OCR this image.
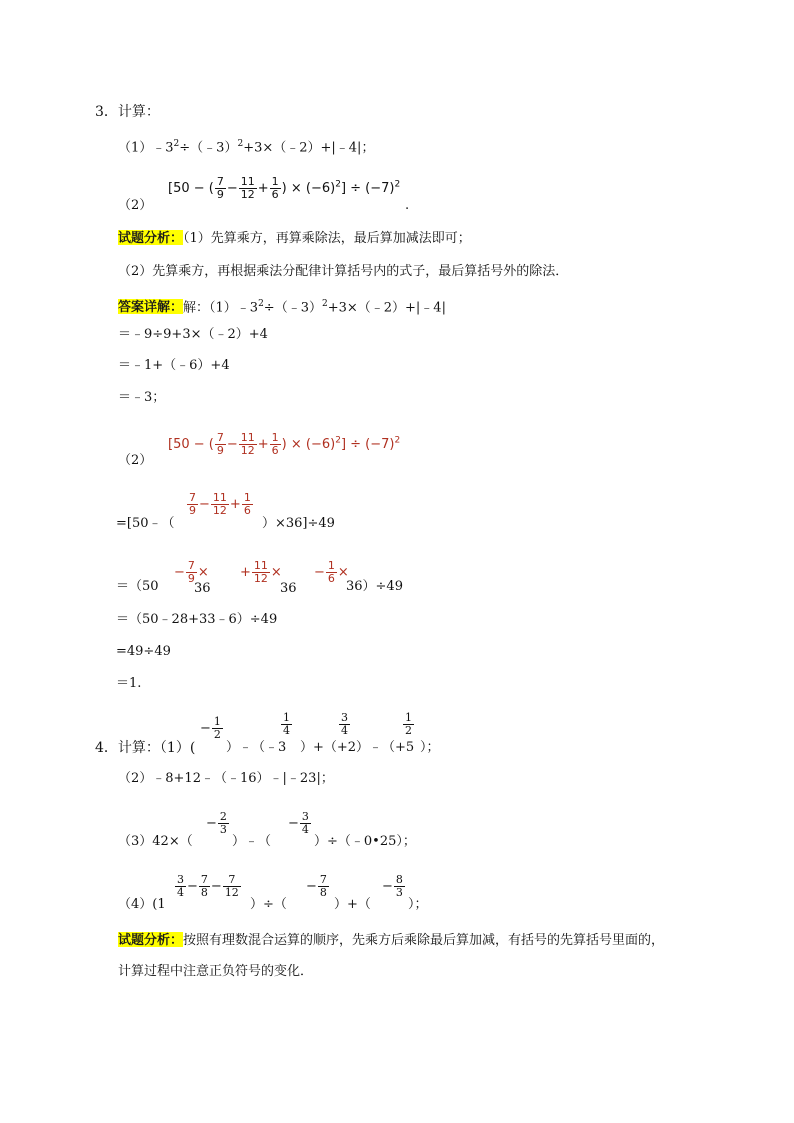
3．计算：
$(1)﹣3^2\div(﹣3)^2+3\times(﹣2)+|﹣4|$；
（2）
[50 − ( $\frac{7}{9} - \frac{11}{12} + \frac{1}{6}$ ) × $(-6)^2] \div (-7)^2$
.
试题分析：（1）先算乘方，再算乘除法，最后算加减法即可；
（2）先算乘方，再根据乘法分配律计算括号内的式子，最后算括号外的除法．
答案详解：解：$(1)﹣3^2\div(﹣3)^2+3\times(﹣2)+|﹣4|$
＝﹣9÷9+3×（﹣2）+4
＝﹣1+（﹣6）+4
＝﹣3；
（2）
[50 − ( $\frac{7}{9} - \frac{11}{12} + \frac{1}{6}$ ) × $(-6)^2] \div (-7)^2$
=[50﹣（
$\frac{7}{9} - \frac{11}{12} + \frac{1}{6}$
）×36]÷49
＝（50
− $\frac{7}{9}$ ×
36
+ $\frac{11}{12}$ ×
36
− $\frac{1}{6}$ ×
36）÷49
＝（50﹣28+33﹣6）÷49
=49÷49
＝1.
4．计算：（1）(
− $\frac{1}{2}$
）﹣（﹣3
$\frac{1}{4}$
）+（+2
$\frac{3}{4}$
）﹣（+5
$\frac{1}{2}$
）；
（2）﹣8+12﹣（﹣16）﹣|﹣23|；
（3）42×（
− $\frac{2}{3}$
）﹣（
− $\frac{3}{4}$
）÷（﹣0•25）；
（4）(1
$\frac{3}{4} - \frac{7}{8} - \frac{7}{12}$
）÷（
− $\frac{7}{8}$
）+（
− $\frac{8}{3}$
）；
试题分析：按照有理数混合运算的顺序，先乘方后乘除最后算加减，有括号的先算括号里面的，
计算过程中注意正负符号的变化．
